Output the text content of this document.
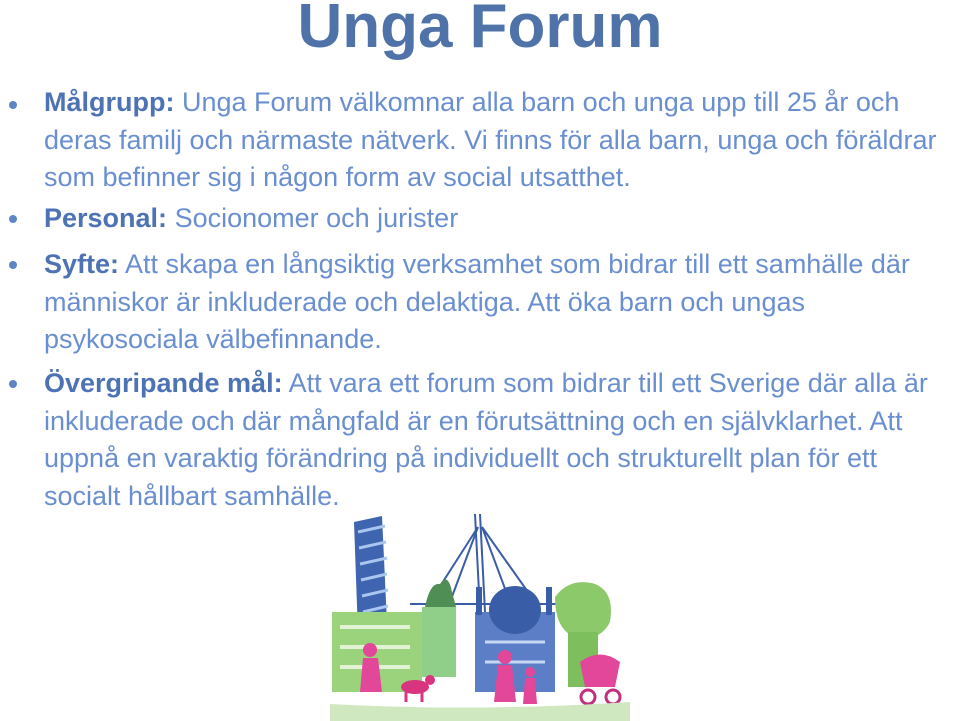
Unga Forum
Målgrupp: Unga Forum välkomnar alla barn och unga upp till 25 år och deras familj och närmaste nätverk. Vi finns för alla barn, unga och föräldrar som befinner sig i någon form av social utsatthet.
Personal: Socionomer och jurister
Syfte: Att skapa en långsiktig verksamhet som bidrar till ett samhälle där människor är inkluderade och delaktiga. Att öka barn och ungas psykosociala välbefinnande.
Övergripande mål: Att vara ett forum som bidrar till ett Sverige där alla är inkluderade och där mångfald är en förutsättning och en självklarhet. Att uppnå en varaktig förändring på individuellt och strukturellt plan för ett socialt hållbart samhälle.
